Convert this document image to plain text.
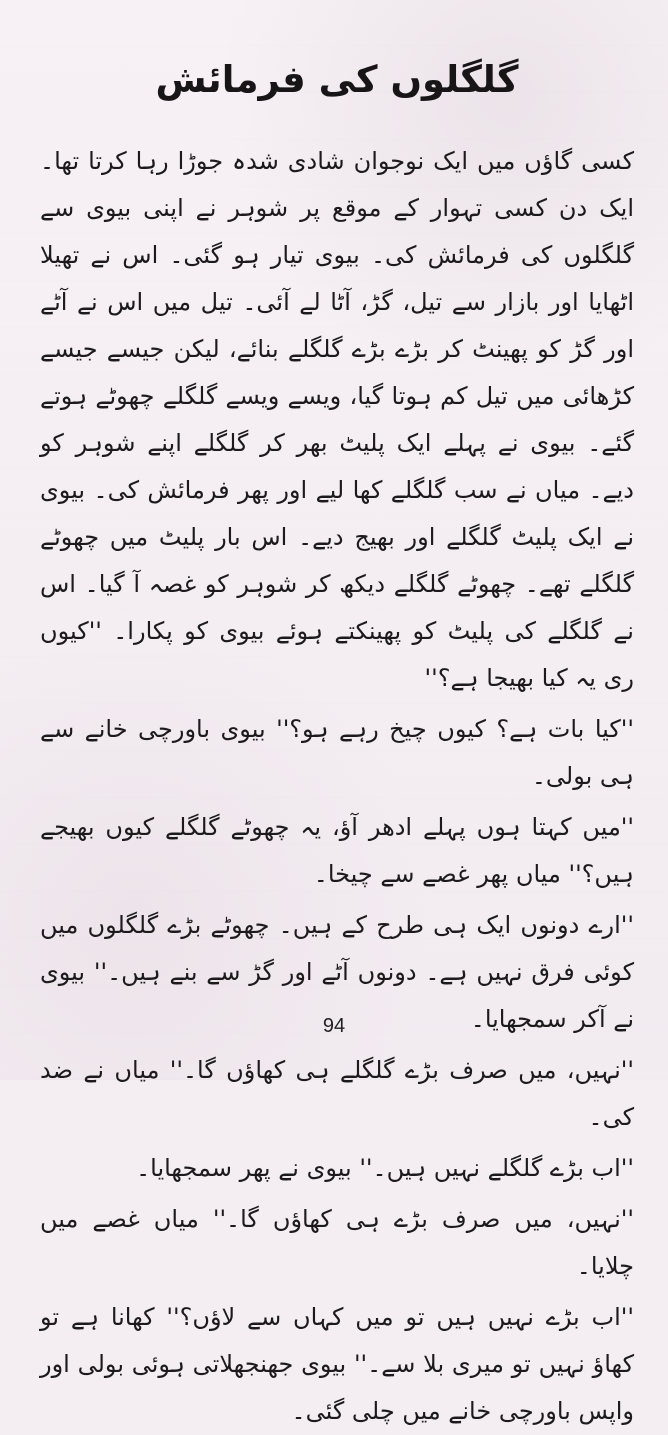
گلگلوں کی فرمائش

کسی گاؤں میں ایک نوجوان شادی شدہ جوڑا رہا کرتا تھا۔ ایک دن کسی تہوار کے موقع پر شوہر نے اپنی بیوی سے گلگلوں کی فرمائش کی۔ بیوی تیار ہو گئی۔ اس نے تھیلا اٹھایا اور بازار سے تیل، گڑ، آٹا لے آئی۔ تیل میں اس نے آٹے اور گڑ کو پھینٹ کر بڑے بڑے گلگلے بنائے، لیکن جیسے جیسے کڑھائی میں تیل کم ہوتا گیا، ویسے ویسے گلگلے چھوٹے ہوتے گئے۔ بیوی نے پہلے ایک پلیٹ بھر کر گلگلے اپنے شوہر کو دیے۔ میاں نے سب گلگلے کھا لیے اور پھر فرمائش کی۔ بیوی نے ایک پلیٹ گلگلے اور بھیج دیے۔ اس بار پلیٹ میں چھوٹے گلگلے تھے۔ چھوٹے گلگلے دیکھ کر شوہر کو غصہ آ گیا۔ اس نے گلگلے کی پلیٹ کو پھینکتے ہوئے بیوی کو پکارا۔ ''کیوں ری یہ کیا بھیجا ہے؟''

''کیا بات ہے؟ کیوں چیخ رہے ہو؟'' بیوی باورچی خانے سے ہی بولی۔

''میں کہتا ہوں پہلے ادھر آؤ، یہ چھوٹے گلگلے کیوں بھیجے ہیں؟'' میاں پھر غصے سے چیخا۔

''ارے دونوں ایک ہی طرح کے ہیں۔ چھوٹے بڑے گلگلوں میں کوئی فرق نہیں ہے۔ دونوں آٹے اور گڑ سے بنے ہیں۔'' بیوی نے آکر سمجھایا۔

''نہیں، میں صرف بڑے گلگلے ہی کھاؤں گا۔'' میاں نے ضد کی۔

''اب بڑے گلگلے نہیں ہیں۔'' بیوی نے پھر سمجھایا۔

''نہیں، میں صرف بڑے ہی کھاؤں گا۔'' میاں غصے میں چلایا۔

''اب بڑے نہیں ہیں تو میں کہاں سے لاؤں؟'' کھانا ہے تو کھاؤ نہیں تو میری بلا سے۔'' بیوی جھنجھلاتی ہوئی بولی اور واپس باورچی خانے میں چلی گئی۔

94
